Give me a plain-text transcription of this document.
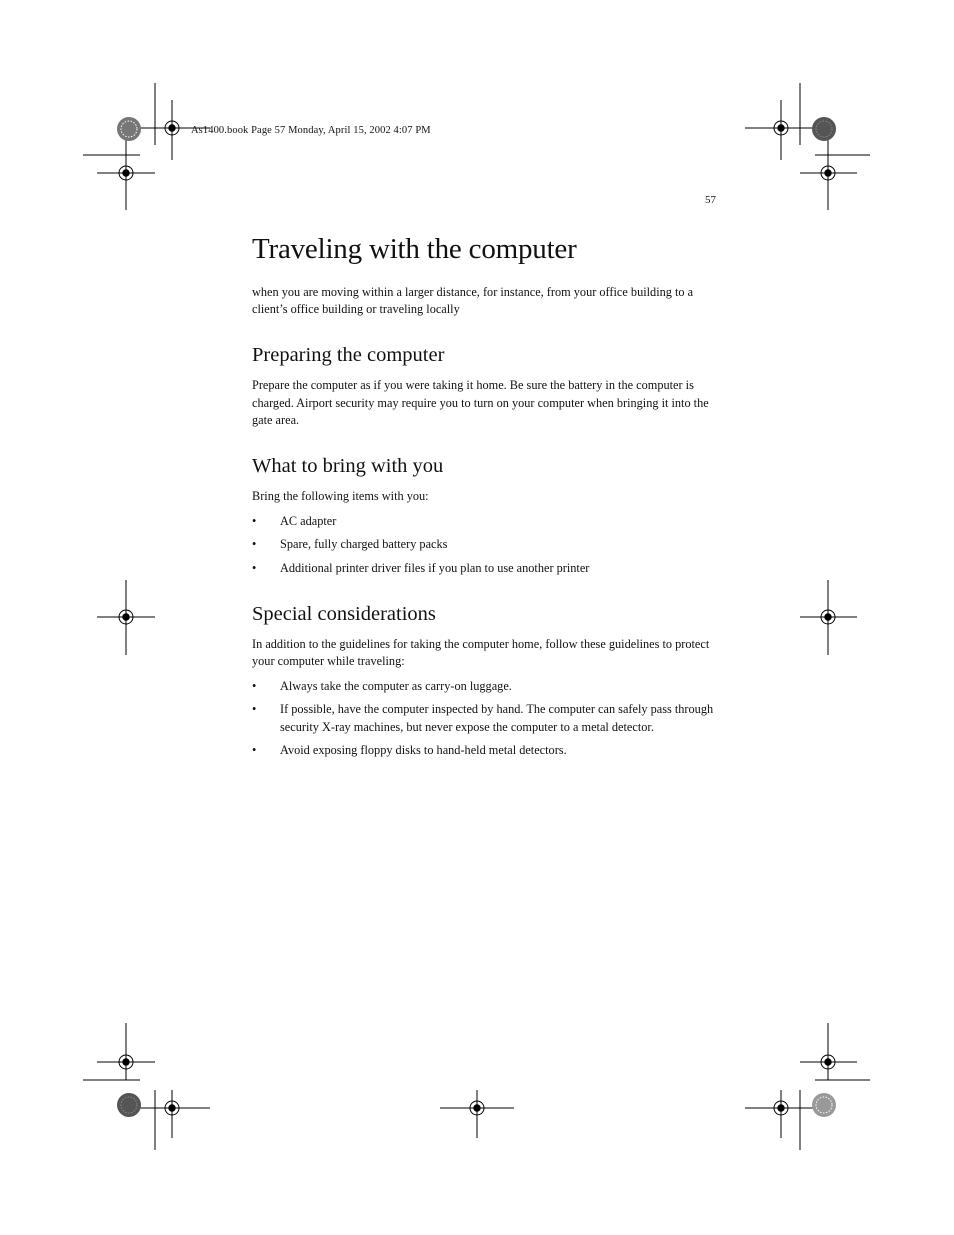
As1400.book Page 57 Monday, April 15, 2002 4:07 PM
57
Traveling with the computer

when you are moving within a larger distance, for instance, from your office building to a client’s office building or traveling locally

Preparing the computer

Prepare the computer as if you were taking it home. Be sure the battery in the computer is charged. Airport security may require you to turn on your computer when bringing it into the gate area.

What to bring with you

Bring the following items with you:

• AC adapter
• Spare, fully charged battery packs
• Additional printer driver files if you plan to use another printer
Special considerations

In addition to the guidelines for taking the computer home, follow these guidelines to protect your computer while traveling:

• Always take the computer as carry-on luggage.
• If possible, have the computer inspected by hand. The computer can safely pass through security X-ray machines, but never expose the computer to a metal detector.
• Avoid exposing floppy disks to hand-held metal detectors.
